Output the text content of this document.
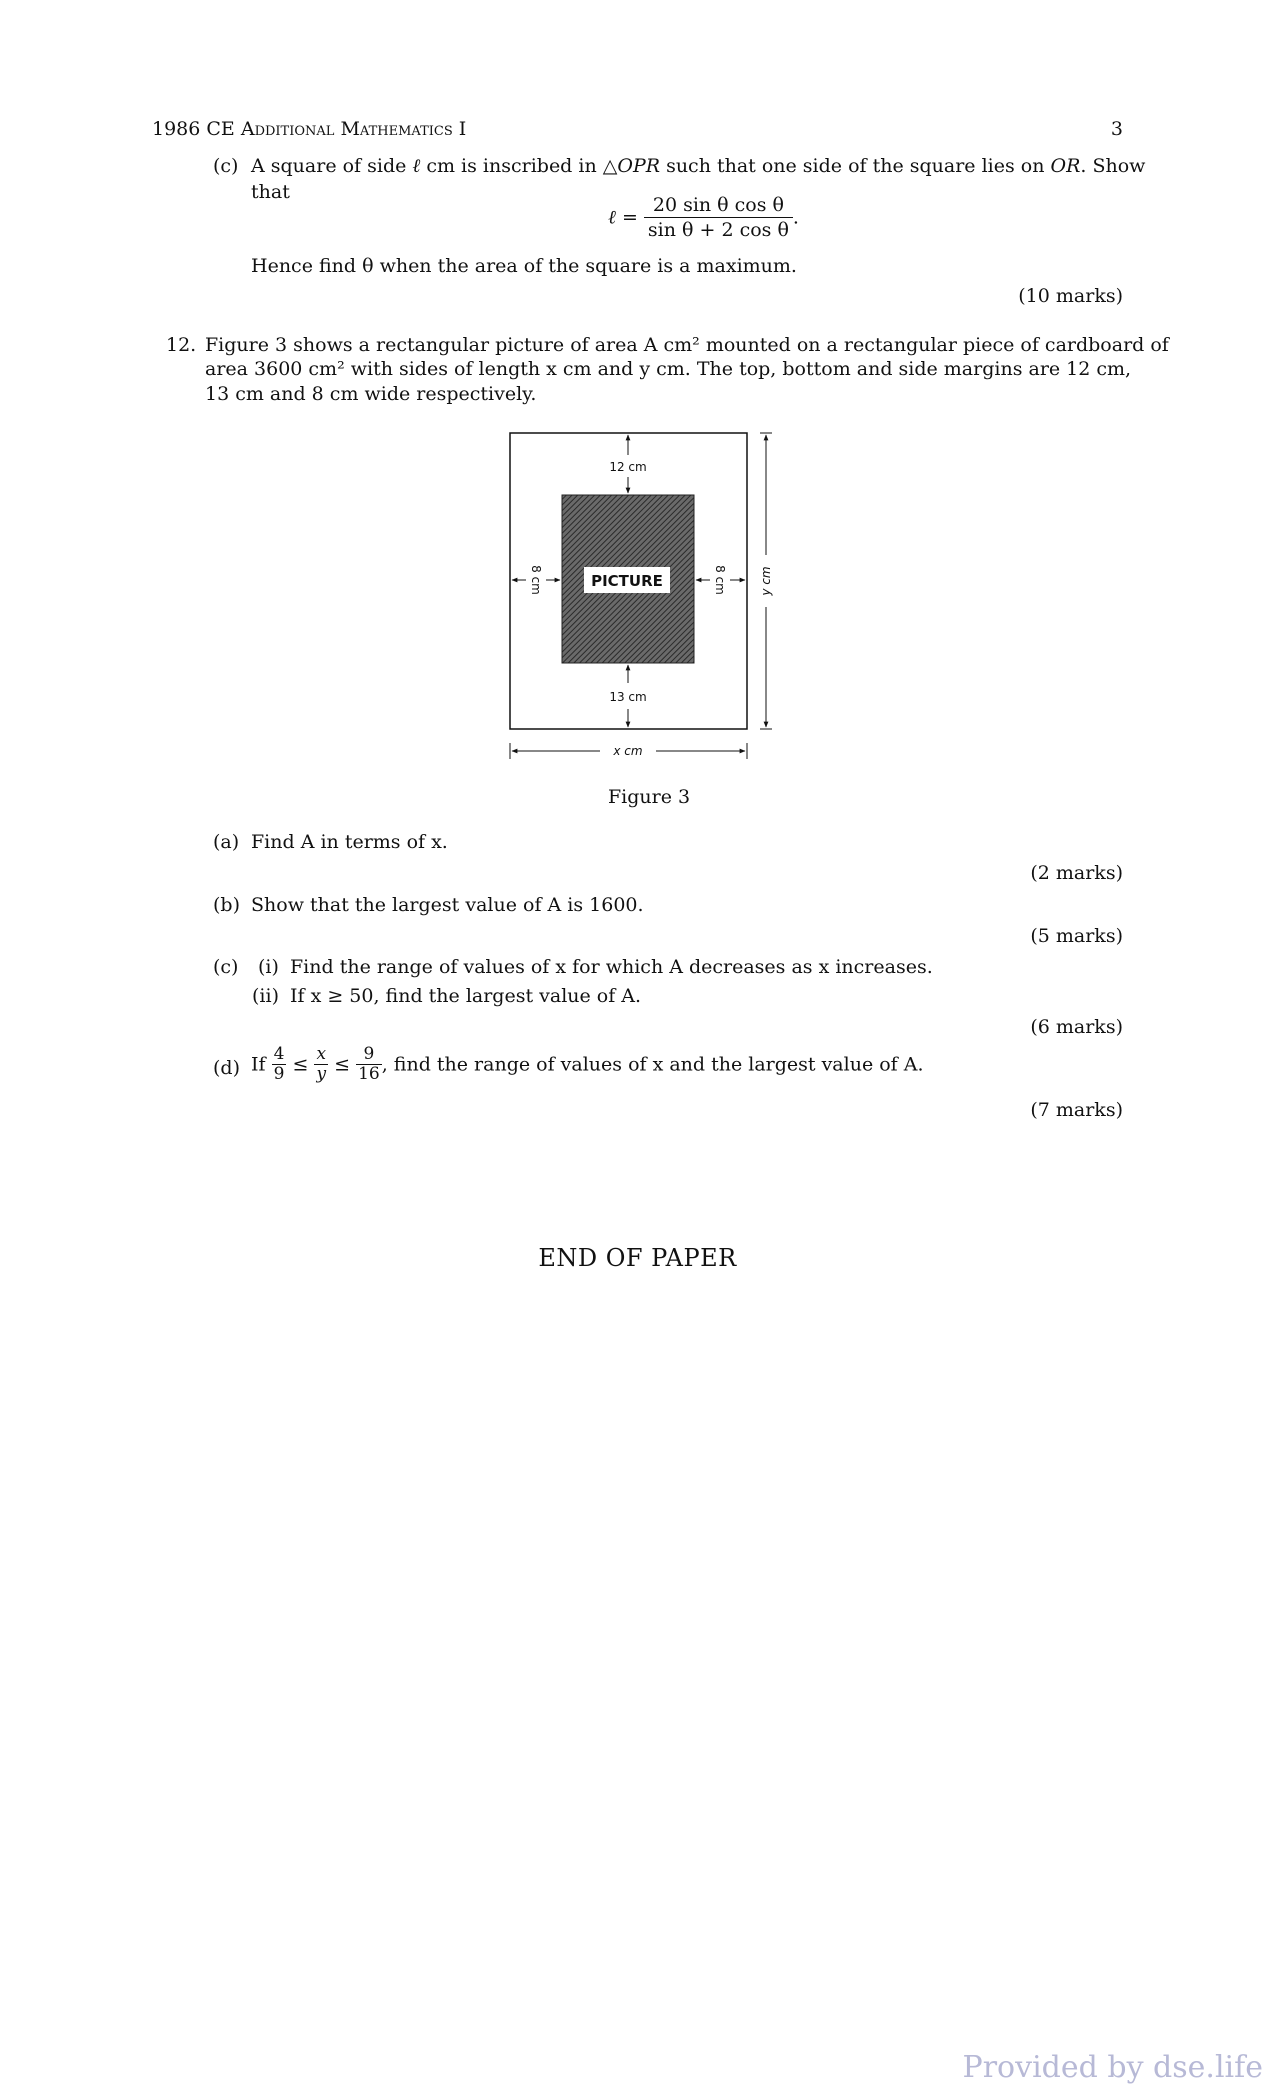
1986 CE Additional Mathematics I	3
(c) A square of side ℓ cm is inscribed in △OPR such that one side of the square lies on OR. Show
that
ℓ = $\frac{\text{20 sin θ cos θ}}{\text{sin θ + 2 cos θ}}$ .
Hence find θ when the area of the square is a maximum.
(10 marks)
12. Figure 3 shows a rectangular picture of area A cm² mounted on a rectangular piece of cardboard of
area 3600 cm² with sides of length x cm and y cm. The top, bottom and side margins are 12 cm,
13 cm and 8 cm wide respectively.
PICTURE
12 cm
13 cm
8 cm	8 cm	y cm
x cm
Figure 3
(a) Find A in terms of x.
(2 marks)
(b) Show that the largest value of A is 1600.
(5 marks)
(c) (i) Find the range of values of x for which A decreases as x increases.
(ii) If x ≥ 50, find the largest value of A.
(6 marks)
(d) If $\frac{4}{9} \le \frac{x}{y} \le \frac{9}{16}$ , find the range of values of x and the largest value of A.
(7 marks)
END OF PAPER
Provided by dse.life
